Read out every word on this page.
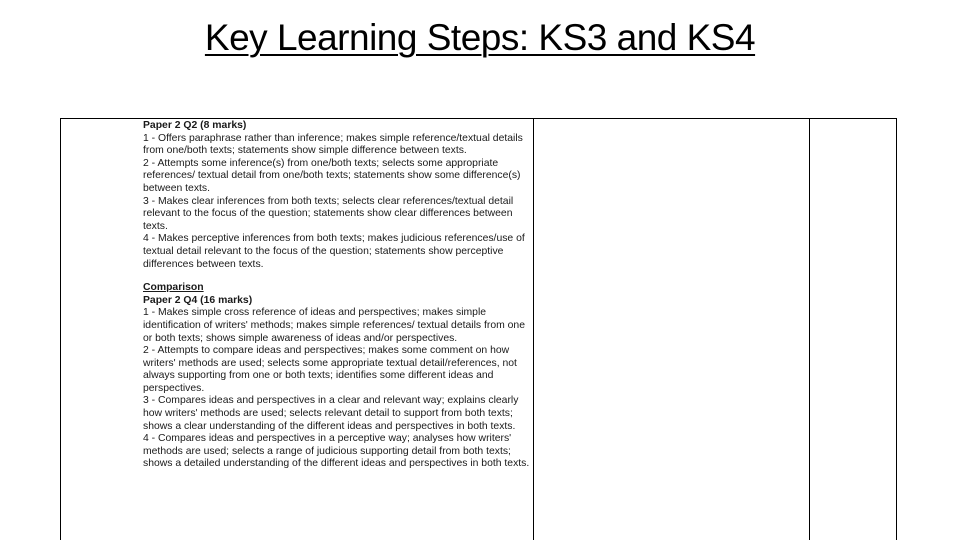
Key Learning Steps: KS3 and KS4

Paper 2 Q2 (8 marks)

1 - Offers paraphrase rather than inference; makes simple reference/textual details from one/both texts; statements show simple difference between texts.

2 - Attempts some inference(s) from one/both texts; selects some appropriate references/ textual detail from one/both texts; statements show some difference(s) between texts.

3 - Makes clear inferences from both texts; selects clear references/textual detail relevant to the focus of the question; statements show clear differences between texts.

4 - Makes perceptive inferences from both texts; makes judicious references/use of textual detail relevant to the focus of the question; statements show perceptive differences between texts.

Comparison

Paper 2 Q4 (16 marks)

1 - Makes simple cross reference of ideas and perspectives; makes simple identification of writers' methods; makes simple references/ textual details from one or both texts; shows simple awareness of ideas and/or perspectives.

2 - Attempts to compare ideas and perspectives; makes some comment on how writers' methods are used; selects some appropriate textual detail/references, not always supporting from one or both texts; identifies some different ideas and perspectives.

3 - Compares ideas and perspectives in a clear and relevant way; explains clearly how writers' methods are used; selects relevant detail to support from both texts; shows a clear understanding of the different ideas and perspectives in both texts.

4 - Compares ideas and perspectives in a perceptive way; analyses how writers' methods are used; selects a range of judicious supporting detail from both texts; shows a detailed understanding of the different ideas and perspectives in both texts.
